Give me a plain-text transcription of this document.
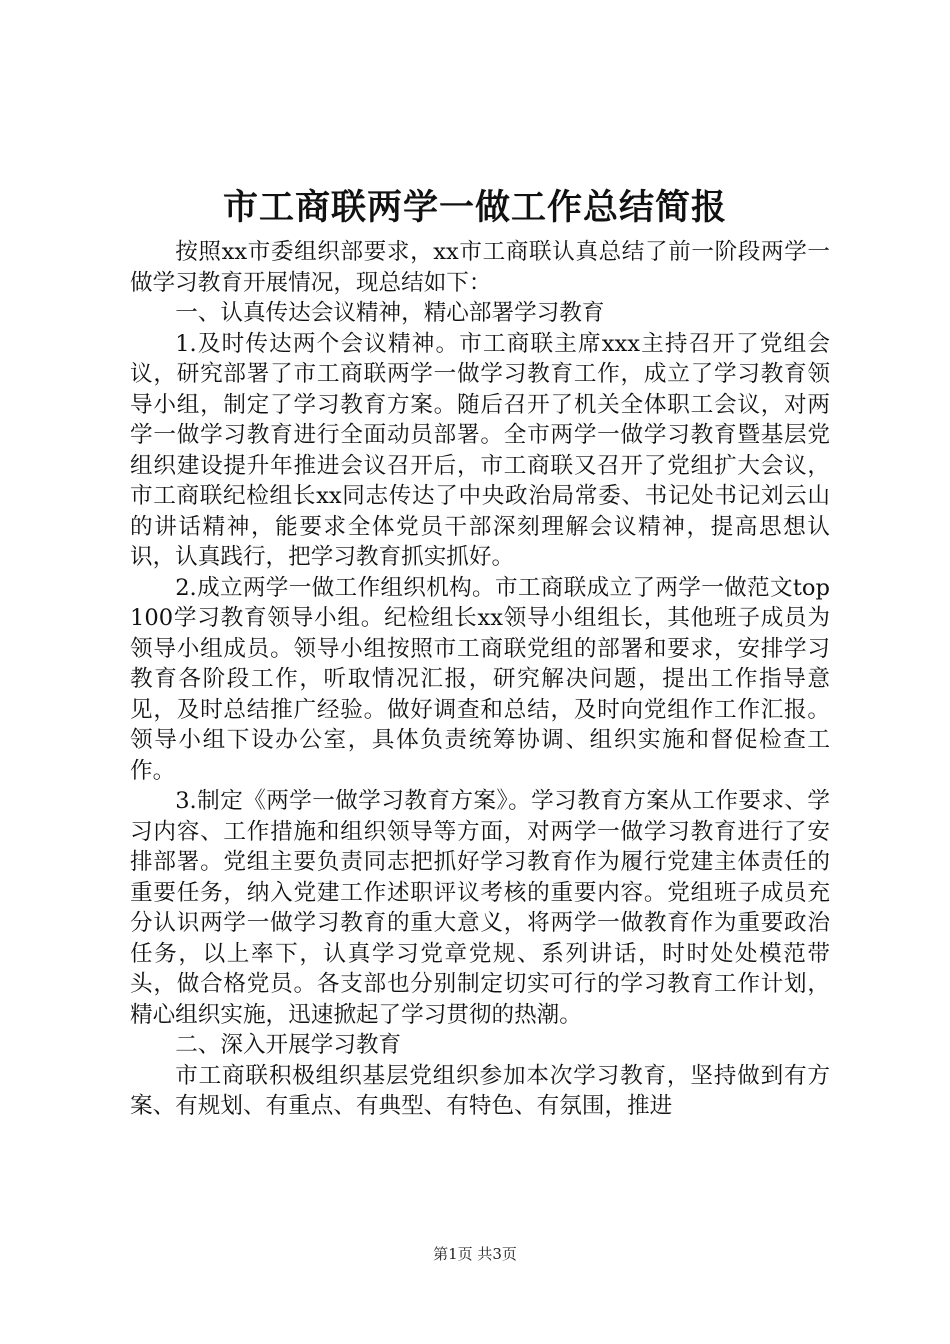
市工商联两学一做工作总结简报

按照xx市委组织部要求，xx市工商联认真总结了前一阶段两学一做学习教育开展情况，现总结如下：

一、认真传达会议精神，精心部署学习教育

1.及时传达两个会议精神。市工商联主席xxx主持召开了党组会议，研究部署了市工商联两学一做学习教育工作，成立了学习教育领导小组，制定了学习教育方案。随后召开了机关全体职工会议，对两学一做学习教育进行全面动员部署。全市两学一做学习教育暨基层党组织建设提升年推进会议召开后，市工商联又召开了党组扩大会议，市工商联纪检组长xx同志传达了中央政治局常委、书记处书记刘云山的讲话精神，能要求全体党员干部深刻理解会议精神，提高思想认识，认真践行，把学习教育抓实抓好。

2.成立两学一做工作组织机构。市工商联成立了两学一做范文top100学习教育领导小组。纪检组长xx领导小组组长，其他班子成员为领导小组成员。领导小组按照市工商联党组的部署和要求，安排学习教育各阶段工作，听取情况汇报，研究解决问题，提出工作指导意见，及时总结推广经验。做好调查和总结，及时向党组作工作汇报。领导小组下设办公室，具体负责统筹协调、组织实施和督促检查工作。

3.制定《两学一做学习教育方案》。学习教育方案从工作要求、学习内容、工作措施和组织领导等方面，对两学一做学习教育进行了安排部署。党组主要负责同志把抓好学习教育作为履行党建主体责任的重要任务，纳入党建工作述职评议考核的重要内容。党组班子成员充分认识两学一做学习教育的重大意义，将两学一做教育作为重要政治任务，以上率下，认真学习党章党规、系列讲话，时时处处模范带头，做合格党员。各支部也分别制定切实可行的学习教育工作计划，精心组织实施，迅速掀起了学习贯彻的热潮。

二、深入开展学习教育

市工商联积极组织基层党组织参加本次学习教育，坚持做到有方案、有规划、有重点、有典型、有特色、有氛围，推进

第1页 共3页
